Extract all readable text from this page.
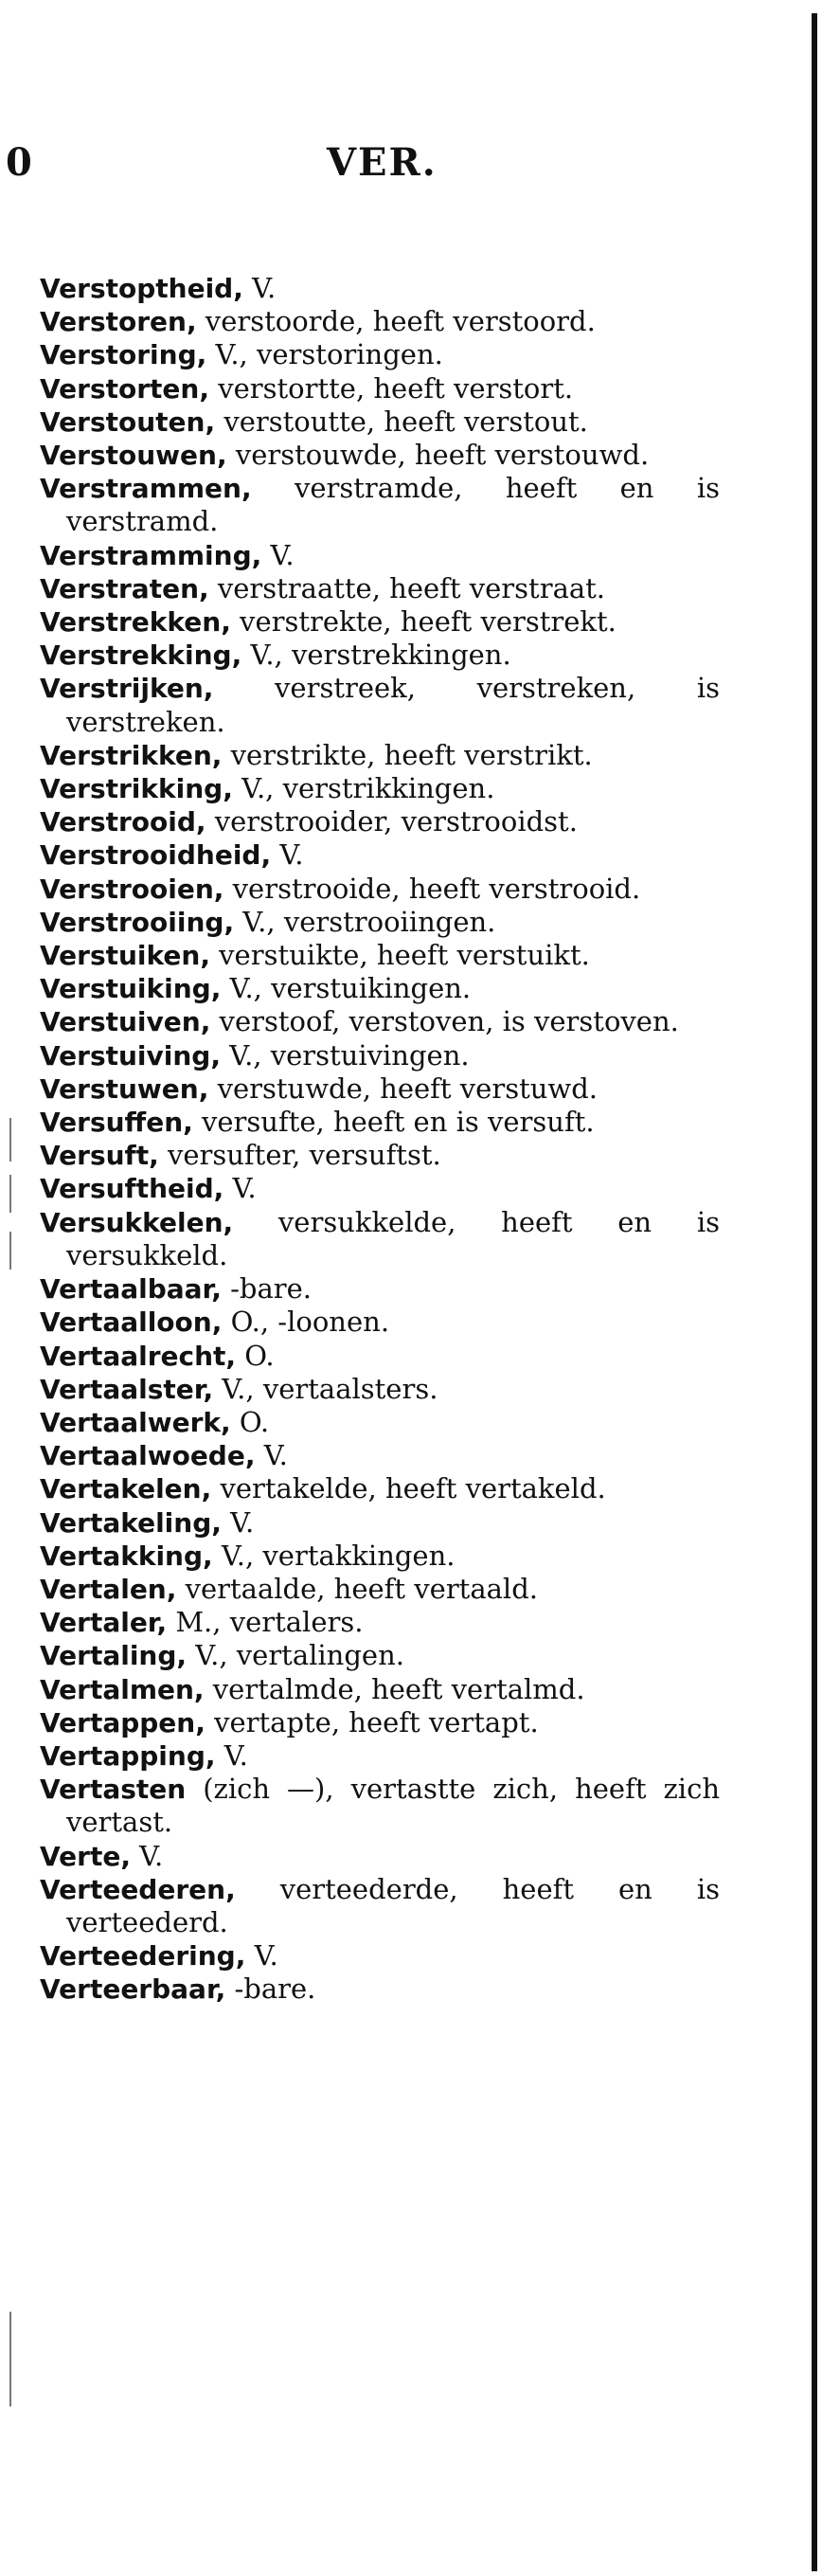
0	VER.

Verstoptheid, V.

Verstoren, verstoorde, heeft verstoord.

Verstoring, V., verstoringen.

Verstorten, verstortte, heeft verstort.

Verstouten, verstoutte, heeft verstout.

Verstouwen, verstouwde, heeft verstouwd.

Verstrammen, verstramde, heeft en is verstramd.

Verstramming, V.

Verstraten, verstraatte, heeft verstraat.

Verstrekken, verstrekte, heeft verstrekt.

Verstrekking, V., verstrekkingen.

Verstrijken, verstreek, verstreken, is verstreken.

Verstrikken, verstrikte, heeft verstrikt.

Verstrikking, V., verstrikkingen.

Verstrooid, verstrooider, verstrooidst.

Verstrooidheid, V.

Verstrooien, verstrooide, heeft verstrooid.

Verstrooiing, V., verstrooiingen.

Verstuiken, verstuikte, heeft verstuikt.

Verstuiking, V., verstuikingen.

Verstuiven, verstoof, verstoven, is verstoven.

Verstuiving, V., verstuivingen.

Verstuwen, verstuwde, heeft verstuwd.

Versuffen, versufte, heeft en is versuft.

Versuft, versufter, versuftst.

Versuftheid, V.

Versukkelen, versukkelde, heeft en is versukkeld.

Vertaalbaar, -bare.

Vertaalloon, O., -loonen.

Vertaalrecht, O.

Vertaalster, V., vertaalsters.

Vertaalwerk, O.

Vertaalwoede, V.

Vertakelen, vertakelde, heeft vertakeld.

Vertakeling, V.

Vertakking, V., vertakkingen.

Vertalen, vertaalde, heeft vertaald.

Vertaler, M., vertalers.

Vertaling, V., vertalingen.

Vertalmen, vertalmde, heeft vertalmd.

Vertappen, vertapte, heeft vertapt.

Vertapping, V.

Vertasten (zich —), vertastte zich, heeft zich vertast.

Verte, V.

Verteederen, verteederde, heeft en is verteederd.

Verteedering, V.

Verteerbaar, -bare.
